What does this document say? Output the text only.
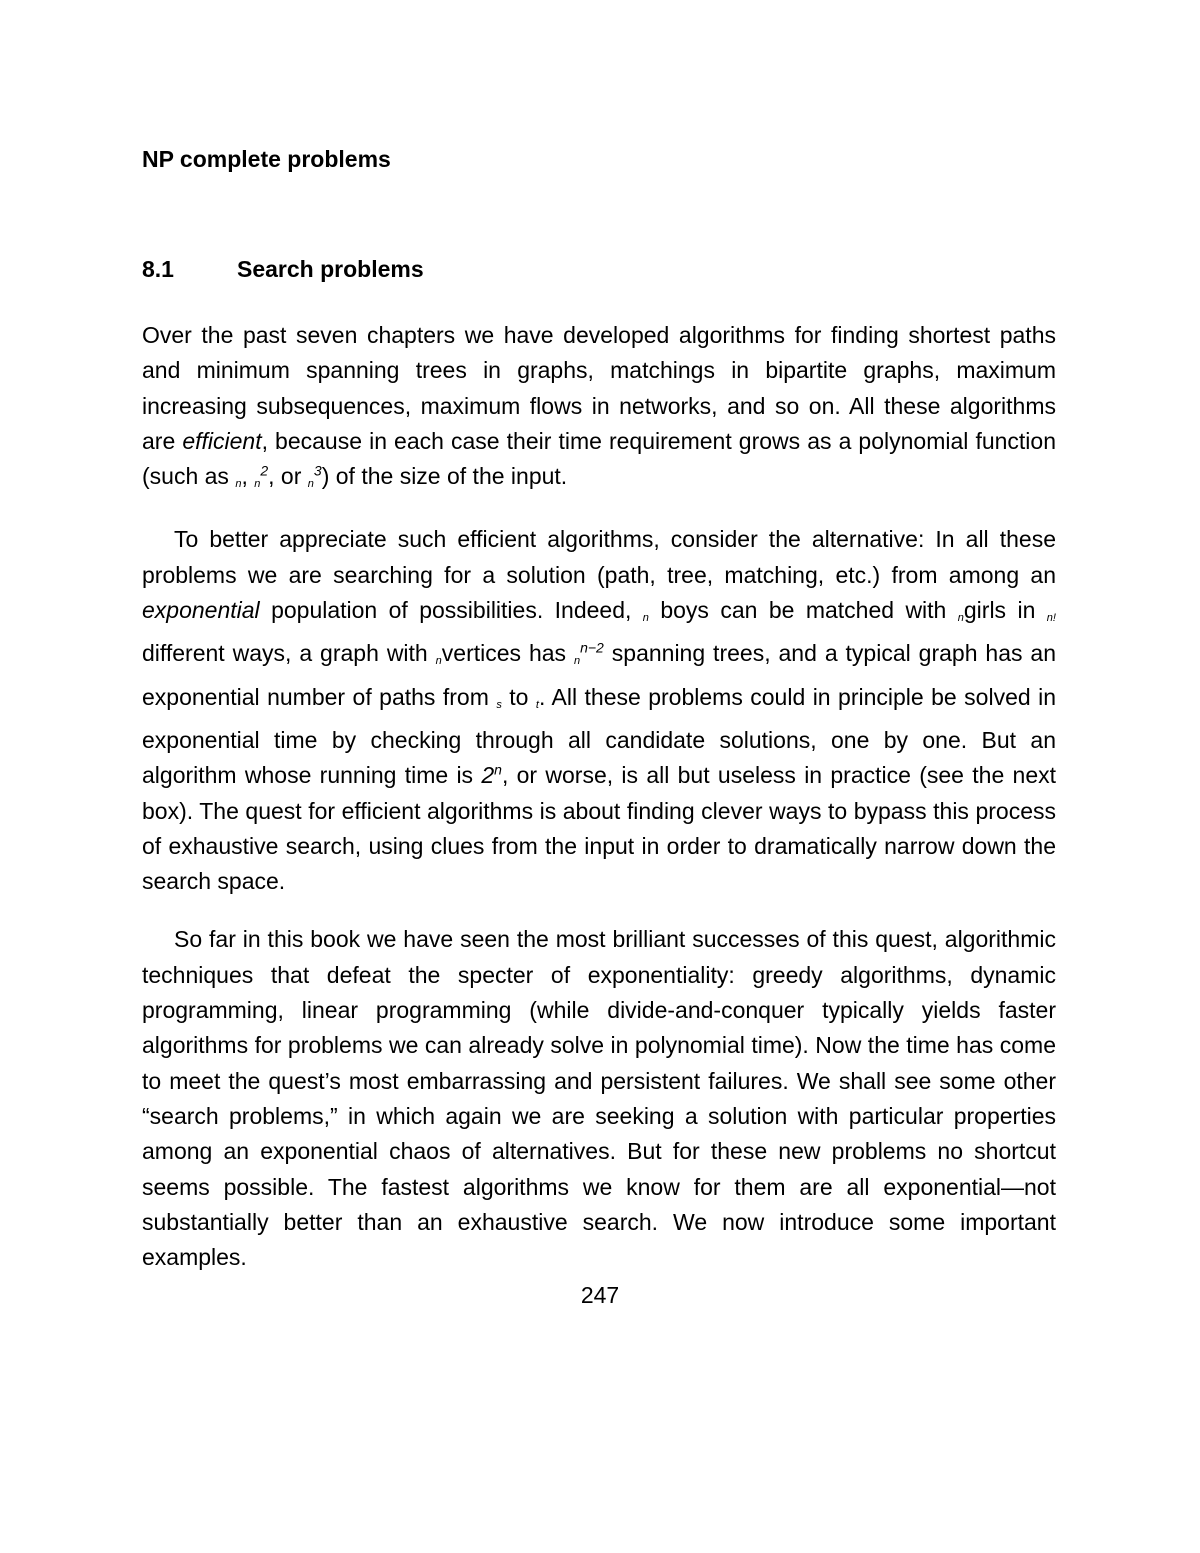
NP complete problems
8.1	Search problems

Over the past seven chapters we have developed algorithms for finding shortest paths and minimum spanning trees in graphs, matchings in bipartite graphs, maximum increasing subsequences, maximum flows in networks, and so on. All these algorithms are efficient, because in each case their time requirement grows as a polynomial function (such as n, $n^2$, or $n^3$) of the size of the input.

To better appreciate such efficient algorithms, consider the alternative: In all these problems we are searching for a solution (path, tree, matching, etc.) from among an exponential population of possibilities. Indeed, n boys can be matched with ngirls in n! different ways, a graph with nvertices has $n^{n-2}$ spanning trees, and a typical graph has an exponential number of paths from s to t. All these problems could in principle be solved in exponential time by checking through all candidate solutions, one by one. But an algorithm whose running time is 2$^n$, or worse, is all but useless in practice (see the next box). The quest for efficient algorithms is about finding clever ways to bypass this process of exhaustive search, using clues from the input in order to dramatically narrow down the search space.

So far in this book we have seen the most brilliant successes of this quest, algorithmic techniques that defeat the specter of exponentiality: greedy algorithms, dynamic programming, linear programming (while divide-and-conquer typically yields faster algorithms for problems we can already solve in polynomial time). Now the time has come to meet the quest’s most embarrassing and persistent failures. We shall see some other “search problems,” in which again we are seeking a solution with particular properties among an exponential chaos of alternatives. But for these new problems no shortcut seems possible. The fastest algorithms we know for them are all exponential—not substantially better than an exhaustive search. We now introduce some important examples.

247
